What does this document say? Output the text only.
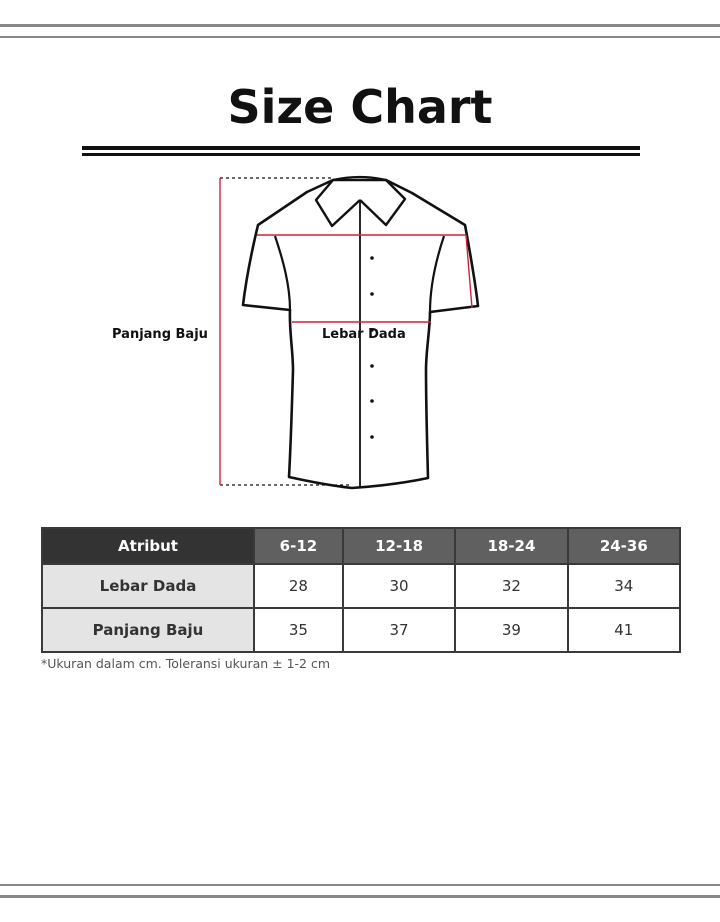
Size Chart
Panjang Baju	Lebar Dada
Atribut	6-12	12-18	18-24	24-36
Lebar Dada	28	30	32	34
Panjang Baju	35	37	39	41
*Ukuran dalam cm. Toleransi ukuran ± 1-2 cm
